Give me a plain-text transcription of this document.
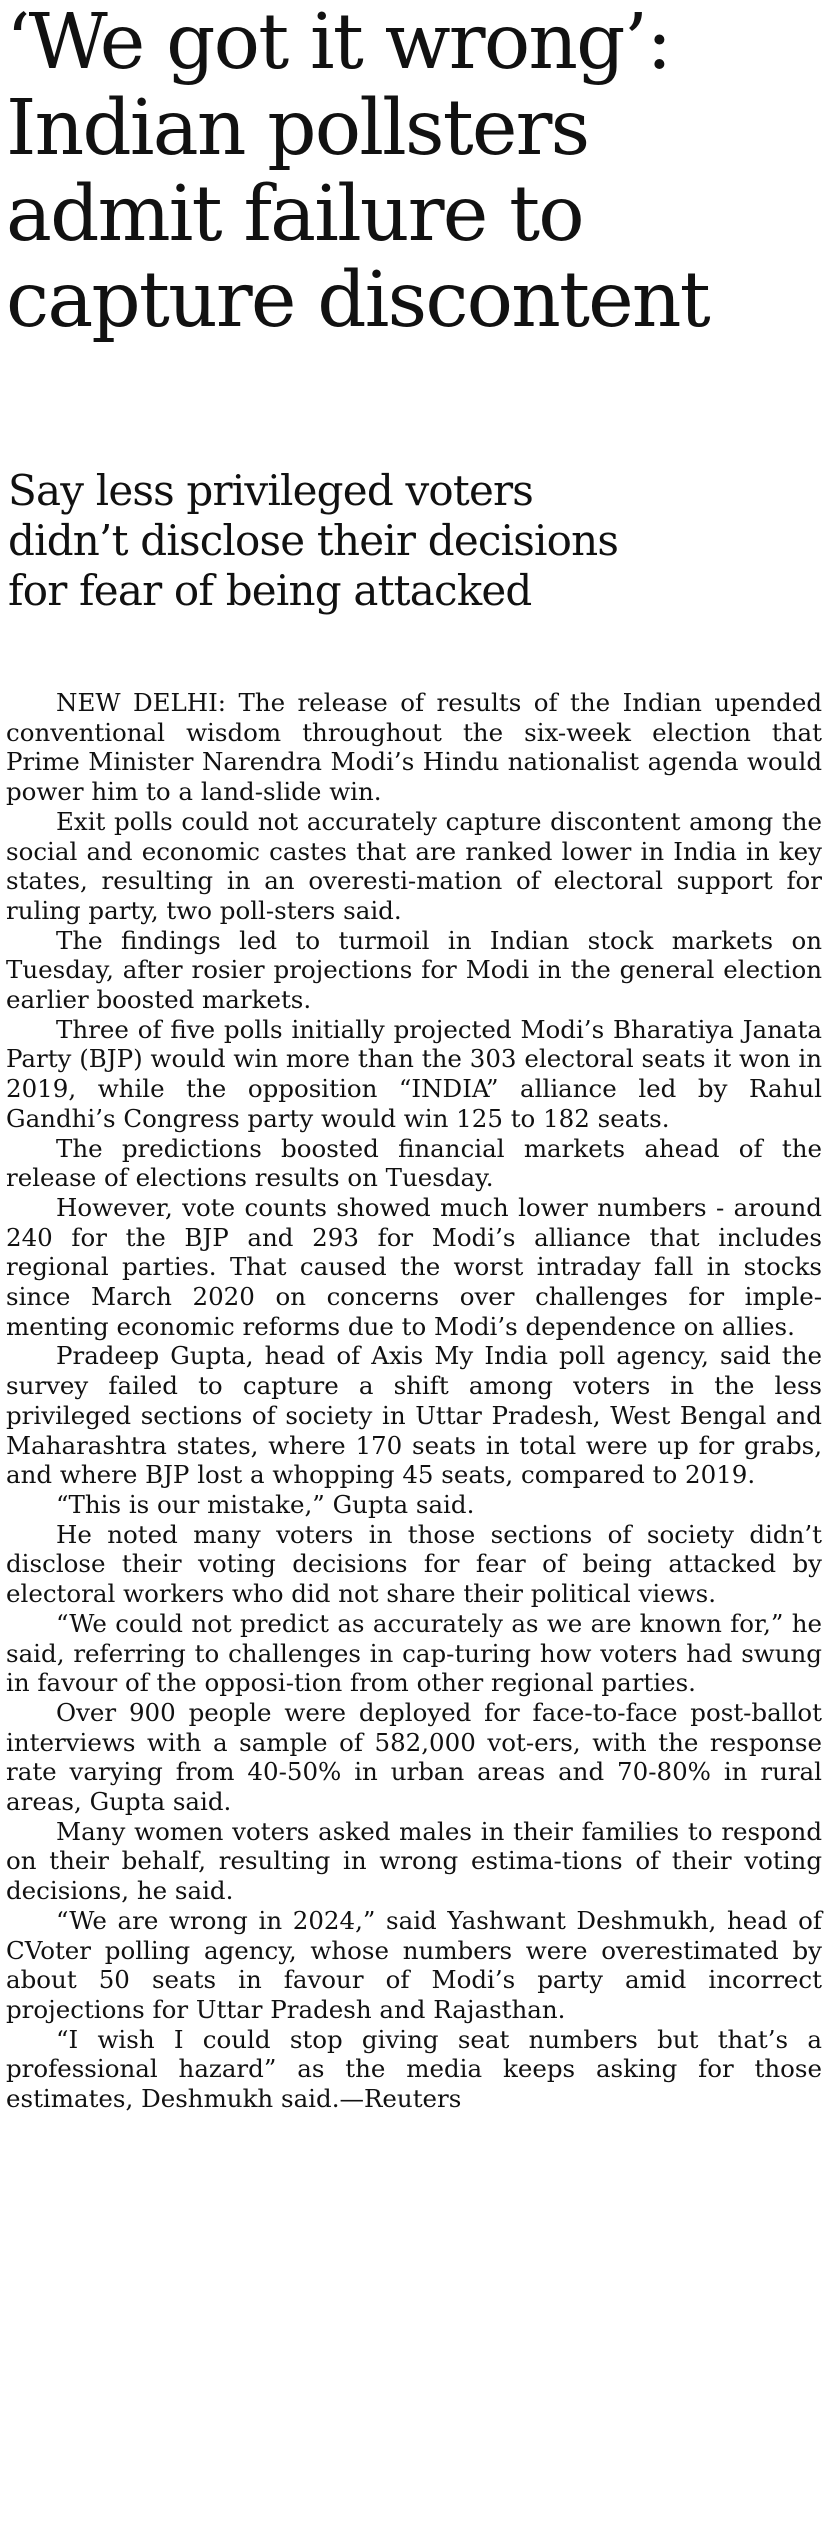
‘We got it wrong’:
Indian pollsters
admit failure to
capture discontent
Say less privileged voters
didn’t disclose their decisions
for fear of being attacked

NEW DELHI: The release of results of the Indian upended conventional wisdom throughout the six-week election that Prime Minister Narendra Modi’s Hindu nationalist agenda would power him to a land-slide win.

Exit polls could not accurately capture discontent among the social and economic castes that are ranked lower in India in key states, resulting in an overesti-mation of electoral support for ruling party, two poll-sters said.

The findings led to turmoil in Indian stock markets on Tuesday, after rosier projections for Modi in the general election earlier boosted markets.

Three of five polls initially projected Modi’s Bharatiya Janata Party (BJP) would win more than the 303 electoral seats it won in 2019, while the opposition “INDIA” alliance led by Rahul Gandhi’s Congress party would win 125 to 182 seats.

The predictions boosted financial markets ahead of the release of elections results on Tuesday.

However, vote counts showed much lower numbers - around 240 for the BJP and 293 for Modi’s alliance that includes regional parties. That caused the worst intraday fall in stocks since March 2020 on concerns over challenges for imple-menting economic reforms due to Modi’s dependence on allies.

Pradeep Gupta, head of Axis My India poll agency, said the survey failed to capture a shift among voters in the less privileged sections of society in Uttar Pradesh, West Bengal and Maharashtra states, where 170 seats in total were up for grabs, and where BJP lost a whopping 45 seats, compared to 2019.

“This is our mistake,” Gupta said.

He noted many voters in those sections of society didn’t disclose their voting decisions for fear of being attacked by electoral workers who did not share their political views.

“We could not predict as accurately as we are known for,” he said, referring to challenges in cap-turing how voters had swung in favour of the opposi-tion from other regional parties.

Over 900 people were deployed for face-to-face post-ballot interviews with a sample of 582,000 vot-ers, with the response rate varying from 40-50% in urban areas and 70-80% in rural areas, Gupta said.

Many women voters asked males in their families to respond on their behalf, resulting in wrong estima-tions of their voting decisions, he said.

“We are wrong in 2024,” said Yashwant Deshmukh, head of CVoter polling agency, whose numbers were overestimated by about 50 seats in favour of Modi’s party amid incorrect projections for Uttar Pradesh and Rajasthan.

“I wish I could stop giving seat numbers but that’s a professional hazard” as the media keeps asking for those estimates, Deshmukh said.—Reuters
